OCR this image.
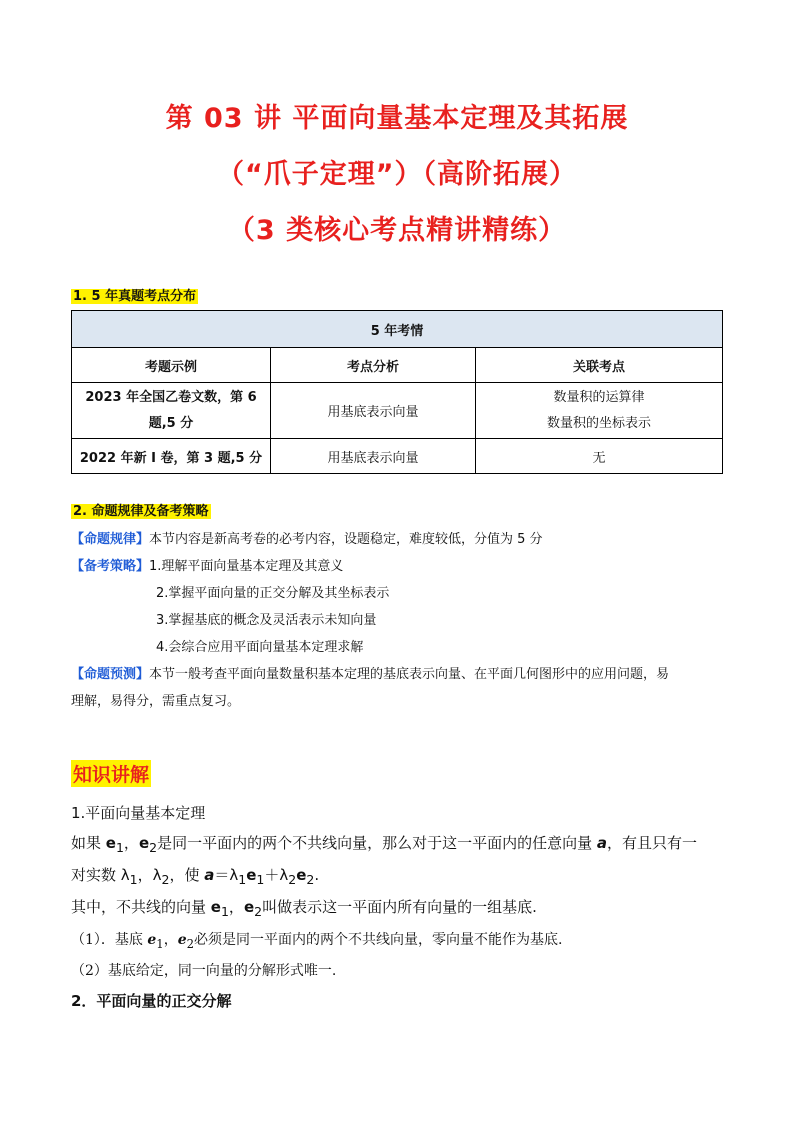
第 03 讲 平面向量基本定理及其拓展
（“爪子定理”）（高阶拓展）
（3 类核心考点精讲精练）
1. 5 年真题考点分布
5 年考情		
考题示例	考点分析	关联考点
2023 年全国乙卷文数，第 6 题,5 分	用基底表示向量	数量积的运算律
数量积的坐标表示

2022 年新 I 卷，第 3 题,5 分	用基底表示向量	无
2. 命题规律及备考策略
【命题规律】本节内容是新高考卷的必考内容，设题稳定，难度较低，分值为 5 分
【备考策略】1.理解平面向量基本定理及其意义
2.掌握平面向量的正交分解及其坐标表示
3.掌握基底的概念及灵活表示未知向量
4.会综合应用平面向量基本定理求解
【命题预测】本节一般考查平面向量数量积基本定理的基底表示向量、在平面几何图形中的应用问题，易
理解，易得分，需重点复习。
知识讲解
1.平面向量基本定理
如果 $e_1$，$e_2$是同一平面内的两个不共线向量，那么对于这一平面内的任意向量 a，有且只有一
对实数 $\lambda_1$，$\lambda_2$，使 $a=\lambda_1e_1+\lambda_2e_2$.
其中，不共线的向量 $e_1$，$e_2$叫做表示这一平面内所有向量的一组基底.
（1）．基底 $e_1$，$e_2$必须是同一平面内的两个不共线向量，零向量不能作为基底.
（2）基底给定，同一向量的分解形式唯一.
2．平面向量的正交分解
